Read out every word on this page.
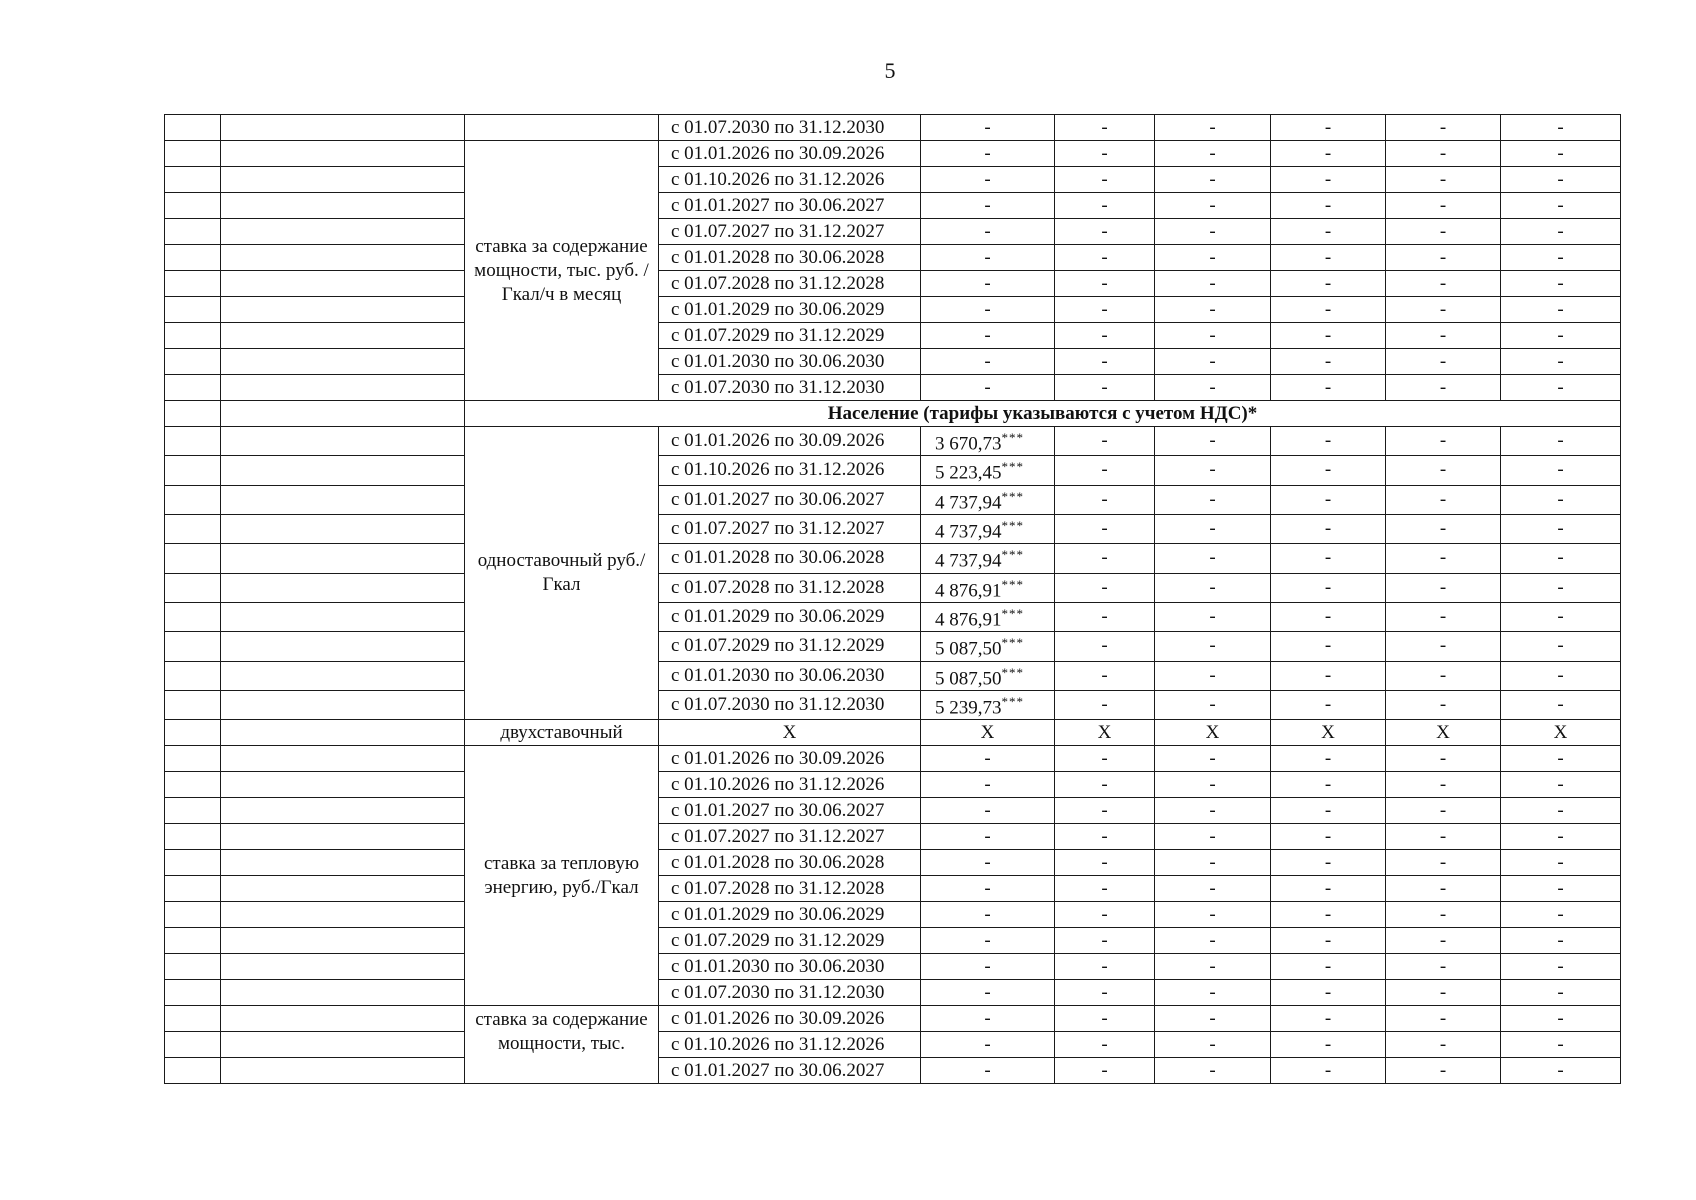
5
			с 01.07.2030 по 31.12.2030	-	-	-	-	-	-	
		ставка за содержание мощности, тыс. руб. /Гкал/ч в месяц	с 01.01.2026 по 30.09.2026	-	-	-	-	-	-	
			с 01.10.2026 по 31.12.2026	-	-	-	-	-	-	
			с 01.01.2027 по 30.06.2027	-	-	-	-	-	-	
			с 01.07.2027 по 31.12.2027	-	-	-	-	-	-	
			с 01.01.2028 по 30.06.2028	-	-	-	-	-	-	
			с 01.07.2028 по 31.12.2028	-	-	-	-	-	-	
			с 01.01.2029 по 30.06.2029	-	-	-	-	-	-	
			с 01.07.2029 по 31.12.2029	-	-	-	-	-	-	
			с 01.01.2030 по 30.06.2030	-	-	-	-	-	-	
			с 01.07.2030 по 31.12.2030	-	-	-	-	-	-	
		Население (тарифы указываются с учетом НДС)*								
		одноставочный руб./Гкал	с 01.01.2026 по 30.09.2026	3 670,73***	-	-	-	-	-	
			с 01.10.2026 по 31.12.2026	5 223,45***	-	-	-	-	-	
			с 01.01.2027 по 30.06.2027	4 737,94***	-	-	-	-	-	
			с 01.07.2027 по 31.12.2027	4 737,94***	-	-	-	-	-	
			с 01.01.2028 по 30.06.2028	4 737,94***	-	-	-	-	-	
			с 01.07.2028 по 31.12.2028	4 876,91***	-	-	-	-	-	
			с 01.01.2029 по 30.06.2029	4 876,91***	-	-	-	-	-	
			с 01.07.2029 по 31.12.2029	5 087,50***	-	-	-	-	-	
			с 01.01.2030 по 30.06.2030	5 087,50***	-	-	-	-	-	
			с 01.07.2030 по 31.12.2030	5 239,73***	-	-	-	-	-	
		двухставочный	X	X	X	X	X	X	X	
		ставка за тепловую энергию, руб./Гкал	с 01.01.2026 по 30.09.2026	-	-	-	-	-	-	
			с 01.10.2026 по 31.12.2026	-	-	-	-	-	-	
			с 01.01.2027 по 30.06.2027	-	-	-	-	-	-	
			с 01.07.2027 по 31.12.2027	-	-	-	-	-	-	
			с 01.01.2028 по 30.06.2028	-	-	-	-	-	-	
			с 01.07.2028 по 31.12.2028	-	-	-	-	-	-	
			с 01.01.2029 по 30.06.2029	-	-	-	-	-	-	
			с 01.07.2029 по 31.12.2029	-	-	-	-	-	-	
			с 01.01.2030 по 30.06.2030	-	-	-	-	-	-	
			с 01.07.2030 по 31.12.2030	-	-	-	-	-	-	
		ставка за содержание мощности, тыс.	с 01.01.2026 по 30.09.2026	-	-	-	-	-	-	
			с 01.10.2026 по 31.12.2026	-	-	-	-	-	-	
			с 01.01.2027 по 30.06.2027	-	-	-	-	-	-	
